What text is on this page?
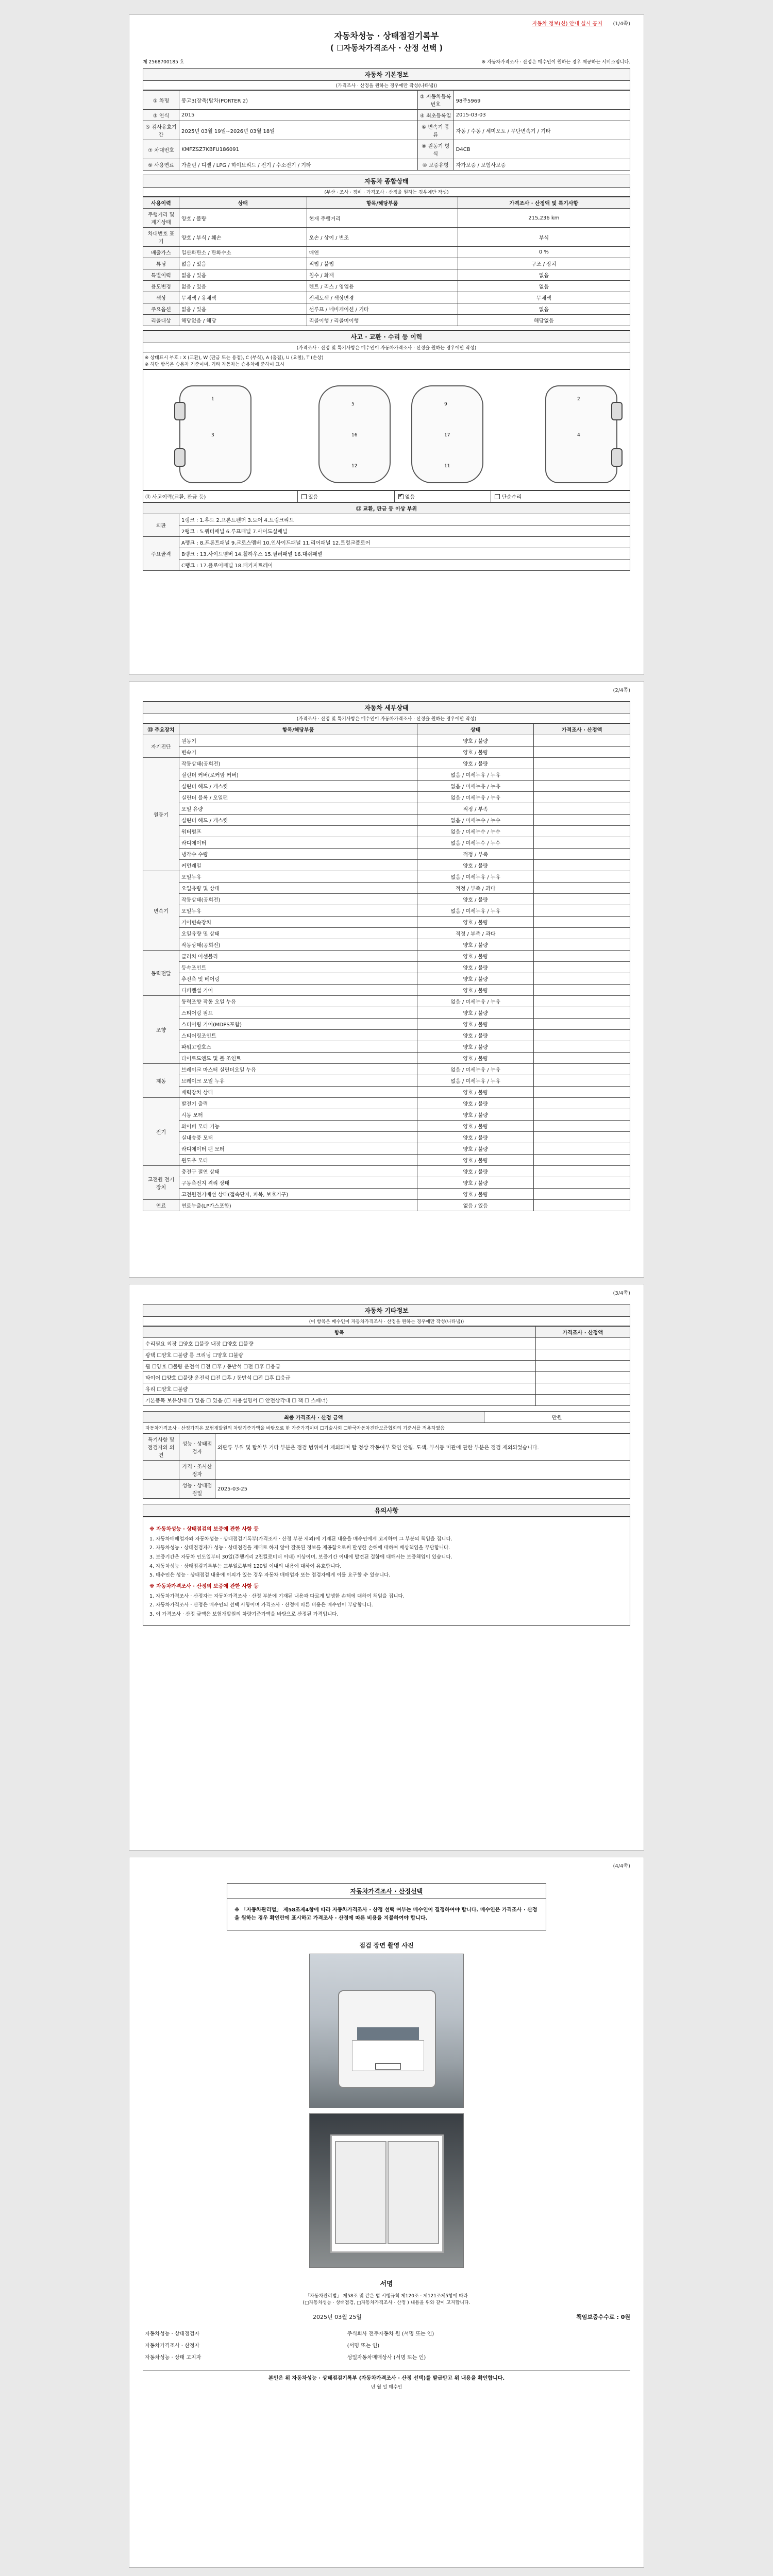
자동차 정보(신) 안내 실시 공지 (1/4쪽)
자동차성능 · 상태점검기록부
( ☐자동차가격조사 · 산정 선택 )
제 2568700185 호	※ 자동차가격조사 · 산정은 매수인이 원하는 경우 제공하는 서비스임니다.
자동차 기본정보
(가격조사 · 산정을 원하는 경우에만 작성(나타냄))
① 차명	봉고3(장축)탑차(PORTER 2)	② 자동차등록번호	98주5969
③ 연식	2015	④ 최초등록일	2015-03-03
⑤ 검사유효기간	2025년 03월 19일~2026년 03월 18일	⑥ 변속기 종류	자동 / 수동 / 세미오토 / 무단변속기 / 기타
⑦ 차대번호	KMFZSZ7KBFU186091	⑧ 원동기 형식	D4CB
⑨ 사용연료	가솔린 / 디젤 / LPG / 하이브리드 / 전기 / 수소전기 / 기타	⑩ 보증유형	자가보증 / 보험사보증
자동차 종합상태
(부산 · 조사 · 정비 · 가격조사 · 산정을 원하는 경우에만 작성)
사용이력	상태	항목/해당부품	가격조사 · 산정액 및 특기사항
주행거리 및 계기상태	양호 / 불량	현재 주행거리	215,236 km
차대번호 표기	양호 / 부식 / 훼손	오손 / 상이 / 변조	부식
배출가스	일산화탄소 / 탄화수소	매연	0 %
튜닝	없음 / 있음	적법 / 불법	구조 / 장치
특별이력	없음 / 있음	침수 / 화재	없음
용도변경	없음 / 있음	렌트 / 리스 / 영업용	없음
색상	무채색 / 유채색	전체도색 / 색상변경	무채색
주요옵션	없음 / 있음	선루프 / 네비게이션 / 기타	없음
리콜대상	해당없음 / 해당	리콜이행 / 리콜미이행	해당없음
사고 · 교환 · 수리 등 이력
(가격조사 · 산정 및 특기사항은 매수인이 자동차가격조사 · 산정을 원하는 경우에만 작성)
※ 상태표시 부호 : X (교환), W (판금 또는 용접), C (부식), A (흠집), U (요철), T (손상)
※ 하단 항목은 승용차 기준이며, 기타 자동차는 승용차에 준하여 표시
1
3
5
16
12
9
17
11
2
4
⑪ 사고이력(교환, 판금 등)	있음	✔없음	단순수리
⑫ 교환, 판금 등 이상 부위	
외판	1랭크 : 1.후드 2.프론트펜더 3.도어 4.트렁크리드
	2랭크 : 5.쿼터패널 6.루프패널 7.사이드실패널
주요골격	A랭크 : 8.프론트패널 9.크로스멤버 10.인사이드패널 11.리어패널 12.트렁크플로어
	B랭크 : 13.사이드멤버 14.휠하우스 15.필러패널 16.대쉬패널
	C랭크 : 17.플로어패널 18.패키지트레이
(2/4쪽)
자동차 세부상태
(가격조사 · 산정 및 특기사항은 매수인이 자동차가격조사 · 산정을 원하는 경우에만 작성)
⑬ 주요장치	항목/해당부품	상태	가격조사 · 산정액
자기진단	원동기	양호 / 불량	
	변속기	양호 / 불량	
원동기	작동상태(공회전)	양호 / 불량	
	실린더 커버(로커암 커버)	없음 / 미세누유 / 누유	
	실린더 헤드 / 개스킷	없음 / 미세누유 / 누유	
	실린더 블록 / 오일팬	없음 / 미세누유 / 누유	
	오일 유량	적정 / 부족	
	실린더 헤드 / 개스킷	없음 / 미세누수 / 누수	
	워터펌프	없음 / 미세누수 / 누수	
	라디에이터	없음 / 미세누수 / 누수	
	냉각수 수량	적정 / 부족	
	커먼레일	양호 / 불량	
변속기	오일누유	없음 / 미세누유 / 누유	
	오일유량 및 상태	적정 / 부족 / 과다	
	작동상태(공회전)	양호 / 불량	
	오일누유	없음 / 미세누유 / 누유	
	기어변속장치	양호 / 불량	
	오일유량 및 상태	적정 / 부족 / 과다	
	작동상태(공회전)	양호 / 불량	
동력전달	클러치 어셈블리	양호 / 불량	
	등속조인트	양호 / 불량	
	추진축 및 베어링	양호 / 불량	
	디퍼렌셜 기어	양호 / 불량	
조향	동력조향 작동 오일 누유	없음 / 미세누유 / 누유	
	스티어링 펌프	양호 / 불량	
	스티어링 기어(MDPS포함)	양호 / 불량	
	스티어링조인트	양호 / 불량	
	파워고압호스	양호 / 불량	
	타이로드엔드 및 볼 조인트	양호 / 불량	
제동	브레이크 마스터 실린더오일 누유	없음 / 미세누유 / 누유	
	브레이크 오일 누유	없음 / 미세누유 / 누유	
	배력장치 상태	양호 / 불량	
전기	발전기 출력	양호 / 불량	
	시동 모터	양호 / 불량	
	와이퍼 모터 기능	양호 / 불량	
	실내송풍 모터	양호 / 불량	
	라디에이터 팬 모터	양호 / 불량	
	윈도우 모터	양호 / 불량	
고전원 전기장치	충전구 절연 상태	양호 / 불량	
	구동축전지 격리 상태	양호 / 불량	
	고전원전기배선 상태(접속단자, 피복, 보호기구)	양호 / 불량	
연료	연료누출(LP가스포함)	없음 / 있음	
(3/4쪽)
자동차 기타정보
(이 항목은 매수인이 자동차가격조사 · 산정을 원하는 경우에만 작성(나타냄))
항목	가격조사 · 산정액
수리필요 외장 ☐양호 ☐불량 내장 ☐양호 ☐불량	
광택 ☐양호 ☐불량 룸 크리닝 ☐양호 ☐불량	
휠 ☐양호 ☐불량 운전석 ☐전 ☐후 / 동반석 ☐전 ☐후 ☐응급	
타이어 ☐양호 ☐불량 운전석 ☐전 ☐후 / 동반석 ☐전 ☐후 ☐응급	
유리 ☐양호 ☐불량	
기본품목 보유상태 ☐ 없음 ☐ 있음 (☐ 사용설명서 ☐ 안전삼각대 ☐ 잭 ☐ 스패너)	
최종 가격조사 · 산정 금액	만원
자동차가격조사 · 산정가격은 보험개발원의 차량기준가액을 바탕으로 한 가준가격이며 ☐기술사회 ☐한국자동차진단보증협회의 기준서를 적용하였음
특기사항 및 점검자의 의견	성능 · 상태점검자	외판류 부위 및 탑차부 기타 부분은 점검 범위에서 제외되며 탑 정상 작동여부 확인 안됨. 도색, 부식등 미관에 관한 부분은 점검 제외되었습니다.
	가격 · 조사산정자	
	성능 · 상태점검일	2025-03-25
유의사항
※ 자동차성능 · 상태점검의 보증에 관한 사항 등

1. 자동차매매업자와 자동차성능 · 상태점검기록부(가격조사 · 산정 부분 제외)에 기재된 내용을 매수인에게 고지하여 그 부분의 책임을 집니다.

2. 자동차성능 · 상태점검자가 성능 · 상태점검을 제대로 하지 않아 잘못된 정보를 제공함으로써 발생한 손해에 대하여 배상책임을 부담합니다.

3. 보증기간은 자동차 인도일부터 30일(주행거리 2천킬로미터 이내) 이상이며, 보증기간 이내에 발견된 결함에 대해서는 보증책임이 있습니다.

4. 자동차성능 · 상태점검기록부는 교부일로부터 120일 이내의 내용에 대하여 유효합니다.

5. 매수인은 성능 · 상태점검 내용에 이의가 있는 경우 자동차 매매업자 또는 점검자에게 이를 요구할 수 있습니다.

※ 자동차가격조사 · 산정의 보증에 관한 사항 등

1. 자동차가격조사 · 산정자는 자동차가격조사 · 산정 부분에 기재된 내용과 다르게 발생한 손해에 대하여 책임을 집니다.

2. 자동차가격조사 · 산정은 매수인의 선택 사항이며 가격조사 · 산정에 따른 비용은 매수인이 부담합니다.

3. 이 가격조사 · 산정 금액은 보험개발원의 차량기준가액을 바탕으로 산정된 가격입니다.

(4/4쪽)
자동차가격조사 · 산정선택
※ 「자동차관리법」 제58조제4항에 따라 자동차가격조사 · 산정 선택 여부는 매수인이 결정하여야 합니다. 매수인은 가격조사 · 산정을 원하는 경우 확인란에 표시하고 가격조사 · 산정에 따른 비용을 지불하여야 합니다.
점검 장면 촬영 사진
서명
「자동차관리법」 제58조 및 같은 법 시행규칙 제120조 · 제121조제5항에 따라
(□자동차성능 · 상태점검, □자동차가격조사 · 산정 ) 내용을 위와 같이 고지합니다.
2025년 03월 25일	책임보증수수료 : 0원
자동차성능 · 상태점검자		주식회사 전주자동차 원 (서명 또는 인)
자동차가격조사 · 산정자		(서명 또는 인)
자동차성능 · 상태 고지자		성일자동차매매상사 (서명 또는 인)
본인은 위 자동차성능 · 상태점검기록부 (자동차가격조사 · 산정 선택)를 발급받고 위 내용을 확인합니다.
년 월 일 매수인
